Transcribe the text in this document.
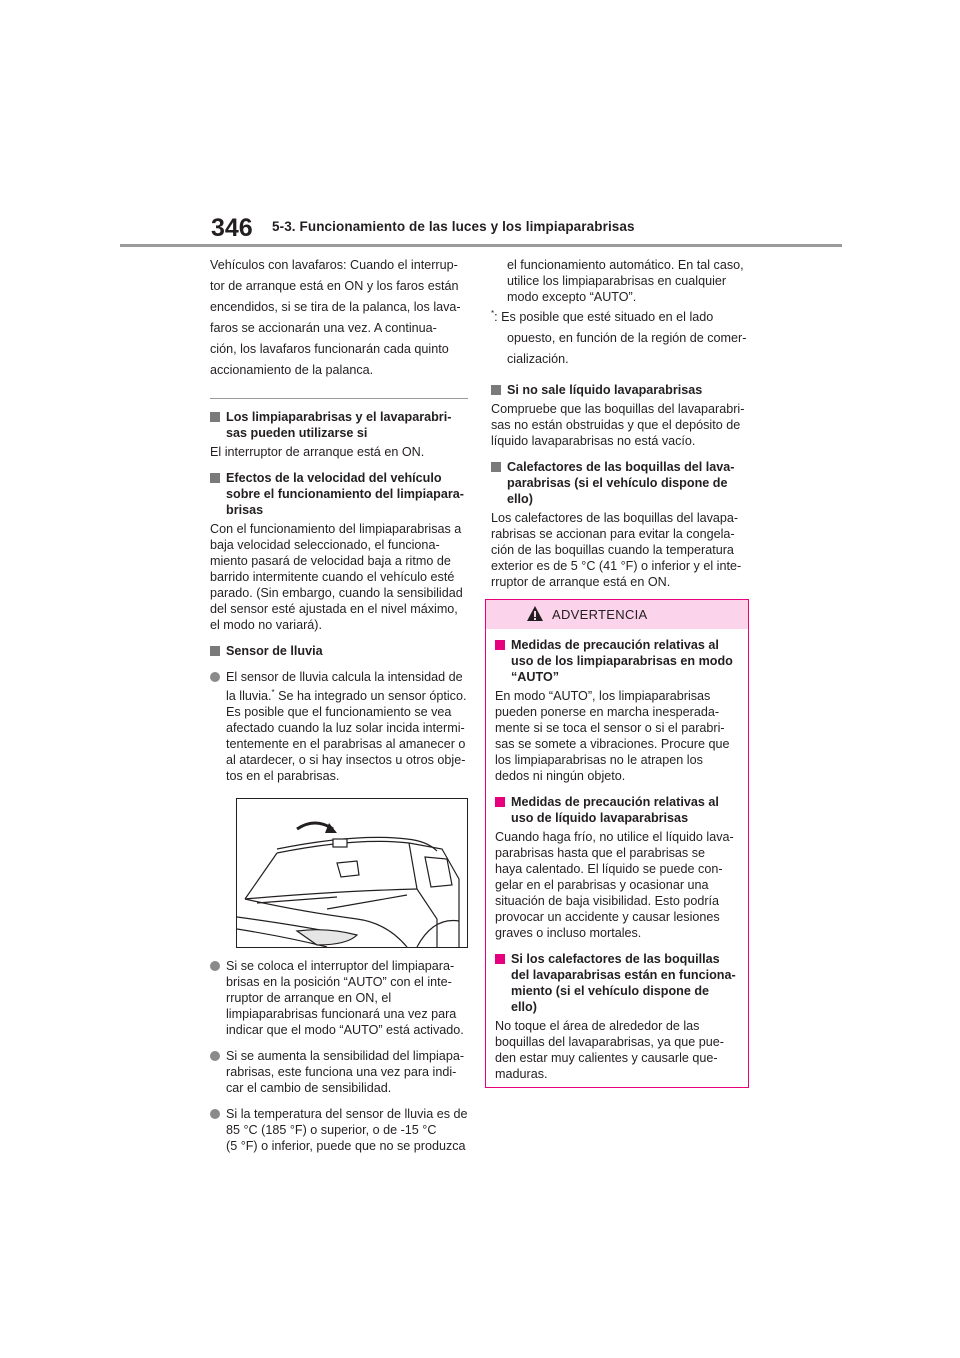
346 5-3. Funcionamiento de las luces y los limpiaparabrisas

Vehículos con lavafaros: Cuando el interrup-

tor de arranque está en ON y los faros están

encendidos, si se tira de la palanca, los lava-

faros se accionarán una vez. A continua-

ción, los lavafaros funcionarán cada quinto

accionamiento de la palanca.

Los limpiaparabrisas y el lavaparabri-

sas pueden utilizarse si

El interruptor de arranque está en ON.

Efectos de la velocidad del vehículo

sobre el funcionamiento del limpiapara-

brisas

Con el funcionamiento del limpiaparabrisas a

baja velocidad seleccionado, el funciona-

miento pasará de velocidad baja a ritmo de

barrido intermitente cuando el vehículo esté

parado. (Sin embargo, cuando la sensibilidad

del sensor esté ajustada en el nivel máximo,

el modo no variará).

Sensor de lluvia

El sensor de lluvia calcula la intensidad de

la lluvia.* Se ha integrado un sensor óptico.

Es posible que el funcionamiento se vea

afectado cuando la luz solar incida intermi-

tentemente en el parabrisas al amanecer o

al atardecer, o si hay insectos u otros obje-

tos en el parabrisas.

Si se coloca el interruptor del limpiapara-

brisas en la posición “AUTO” con el inte-

rruptor de arranque en ON, el

limpiaparabrisas funcionará una vez para

indicar que el modo “AUTO” está activado.

Si se aumenta la sensibilidad del limpiapa-

rabrisas, este funciona una vez para indi-

car el cambio de sensibilidad.

Si la temperatura del sensor de lluvia es de

85 °C (185 °F) o superior, o de -15 °C

(5 °F) o inferior, puede que no se produzca

el funcionamiento automático. En tal caso,

utilice los limpiaparabrisas en cualquier

modo excepto “AUTO”.

*: Es posible que esté situado en el lado

opuesto, en función de la región de comer-

cialización.

Si no sale líquido lavaparabrisas

Compruebe que las boquillas del lavaparabri-

sas no están obstruidas y que el depósito de

líquido lavaparabrisas no está vacío.

Calefactores de las boquillas del lava-

parabrisas (si el vehículo dispone de

ello)

Los calefactores de las boquillas del lavapa-

rabrisas se accionan para evitar la congela-

ción de las boquillas cuando la temperatura

exterior es de 5 °C (41 °F) o inferior y el inte-

rruptor de arranque está en ON.

ADVERTENCIA

Medidas de precaución relativas al

uso de los limpiaparabrisas en modo

“AUTO”

En modo “AUTO”, los limpiaparabrisas

pueden ponerse en marcha inesperada-

mente si se toca el sensor o si el parabri-

sas se somete a vibraciones. Procure que

los limpiaparabrisas no le atrapen los

dedos ni ningún objeto.

Medidas de precaución relativas al

uso de líquido lavaparabrisas

Cuando haga frío, no utilice el líquido lava-

parabrisas hasta que el parabrisas se

haya calentado. El líquido se puede con-

gelar en el parabrisas y ocasionar una

situación de baja visibilidad. Esto podría

provocar un accidente y causar lesiones

graves o incluso mortales.

Si los calefactores de las boquillas

del lavaparabrisas están en funciona-

miento (si el vehículo dispone de

ello)

No toque el área de alrededor de las

boquillas del lavaparabrisas, ya que pue-

den estar muy calientes y causarle que-

maduras.
